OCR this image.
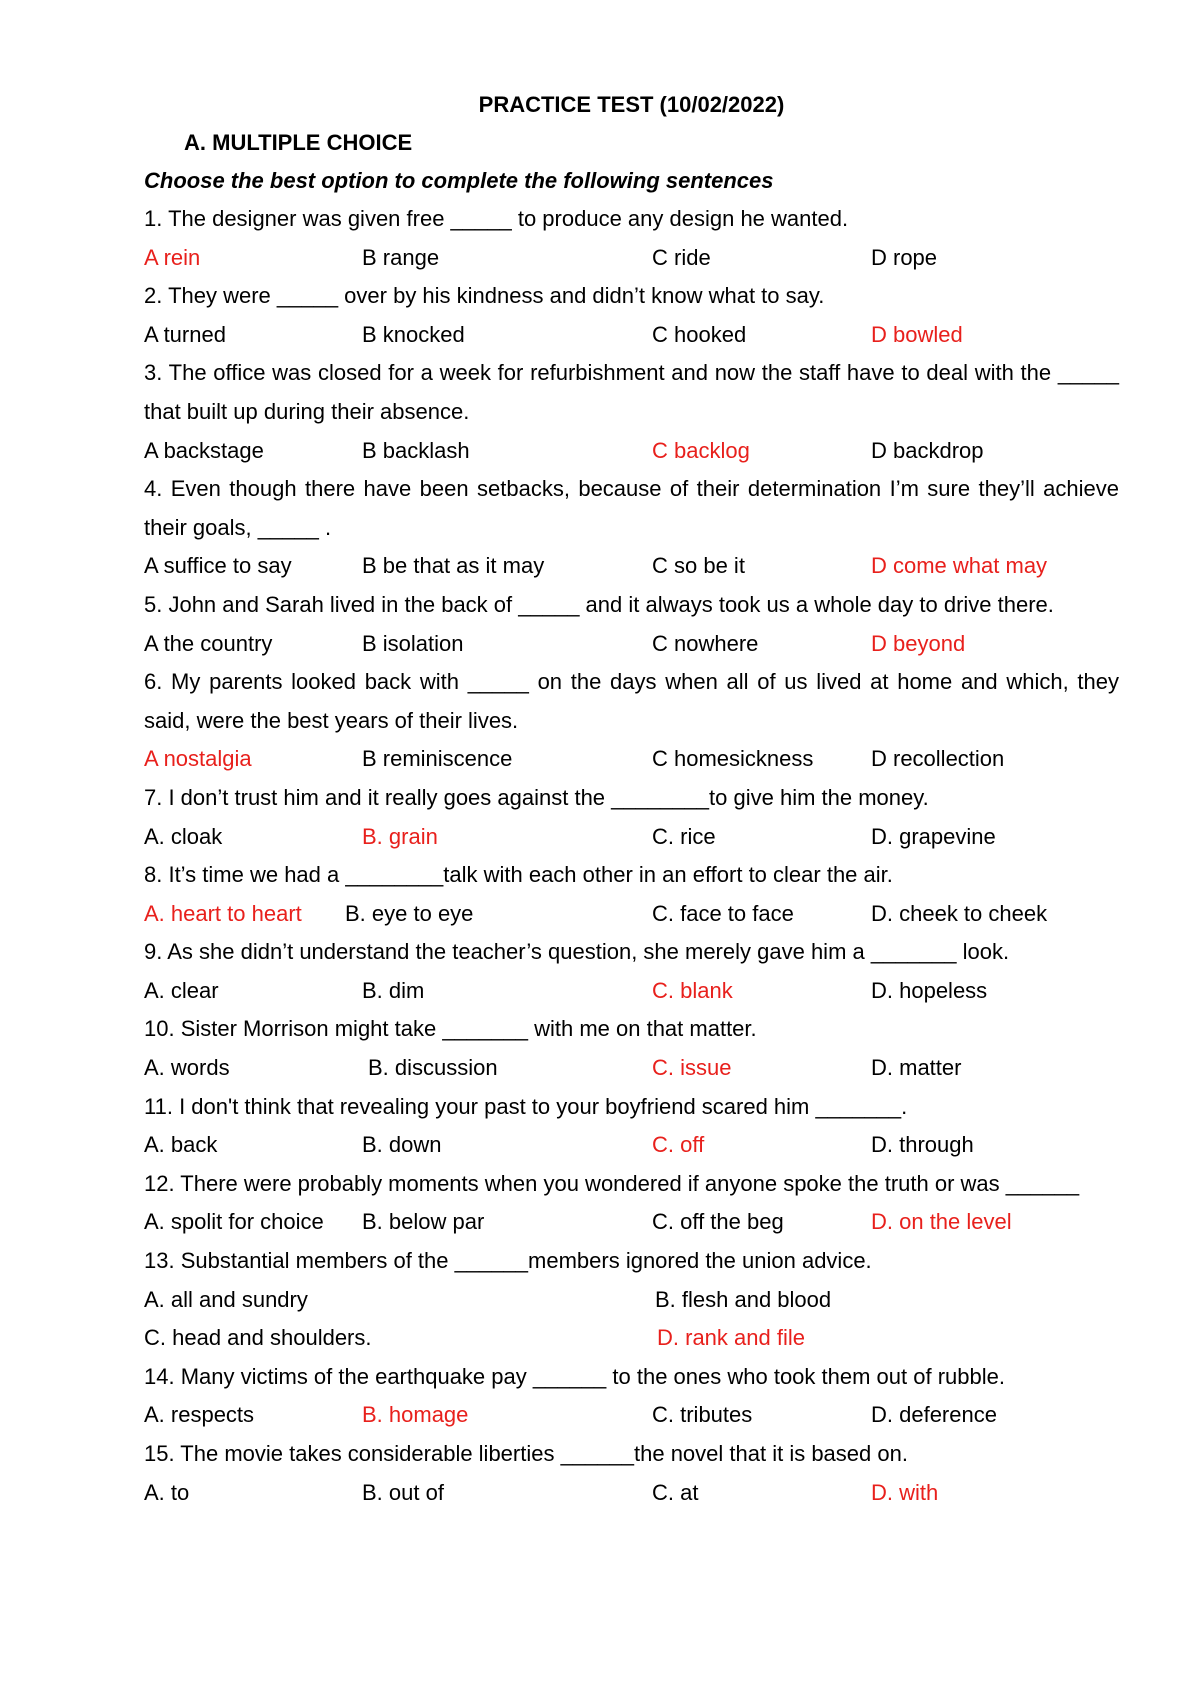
PRACTICE TEST (10/02/2022)
A. MULTIPLE CHOICE
Choose the best option to complete the following sentences
1. The designer was given free _____ to produce any design he wanted.
A rein	B range	C ride	D rope
2. They were _____ over by his kindness and didn’t know what to say.
A turned	B knocked	C hooked	D bowled
3. The office was closed for a week for refurbishment and now the staff have to deal with the _____ that built up during their absence.
A backstage	B backlash	C backlog	D backdrop
4. Even though there have been setbacks, because of their determination I’m sure they’ll achieve their goals, _____ .
A suffice to say	B be that as it may	C so be it	D come what may
5. John and Sarah lived in the back of _____ and it always took us a whole day to drive there.
A the country	B isolation	C nowhere	D beyond
6. My parents looked back with _____ on the days when all of us lived at home and which, they said, were the best years of their lives.
A nostalgia	B reminiscence	C homesickness	D recollection
7. I don’t trust him and it really goes against the ________to give him the money.
A. cloak	B. grain	C. rice	D. grapevine
8. It’s time we had a ________talk with each other in an effort to clear the air.
A. heart to heart B. eye to eye	C. face to face	D. cheek to cheek
9. As she didn’t understand the teacher’s question, she merely gave him a _______ look.
A. clear	B. dim	C. blank	D. hopeless
10. Sister Morrison might take _______ with me on that matter.
A. words	B. discussion	C. issue	D. matter
11. I don't think that revealing your past to your boyfriend scared him _______.
A. back	B. down	C. off	D. through
12. There were probably moments when you wondered if anyone spoke the truth or was ______
A. spolit for choice B. below par	C. off the beg	D. on the level
13. Substantial members of the ______members ignored the union advice.
A. all and sundry	B. flesh and blood
C. head and shoulders.	D. rank and file
14. Many victims of the earthquake pay ______ to the ones who took them out of rubble.
A. respects	B. homage	C. tributes	D. deference
15. The movie takes considerable liberties ______the novel that it is based on.
A. to	B. out of	C. at	D. with
